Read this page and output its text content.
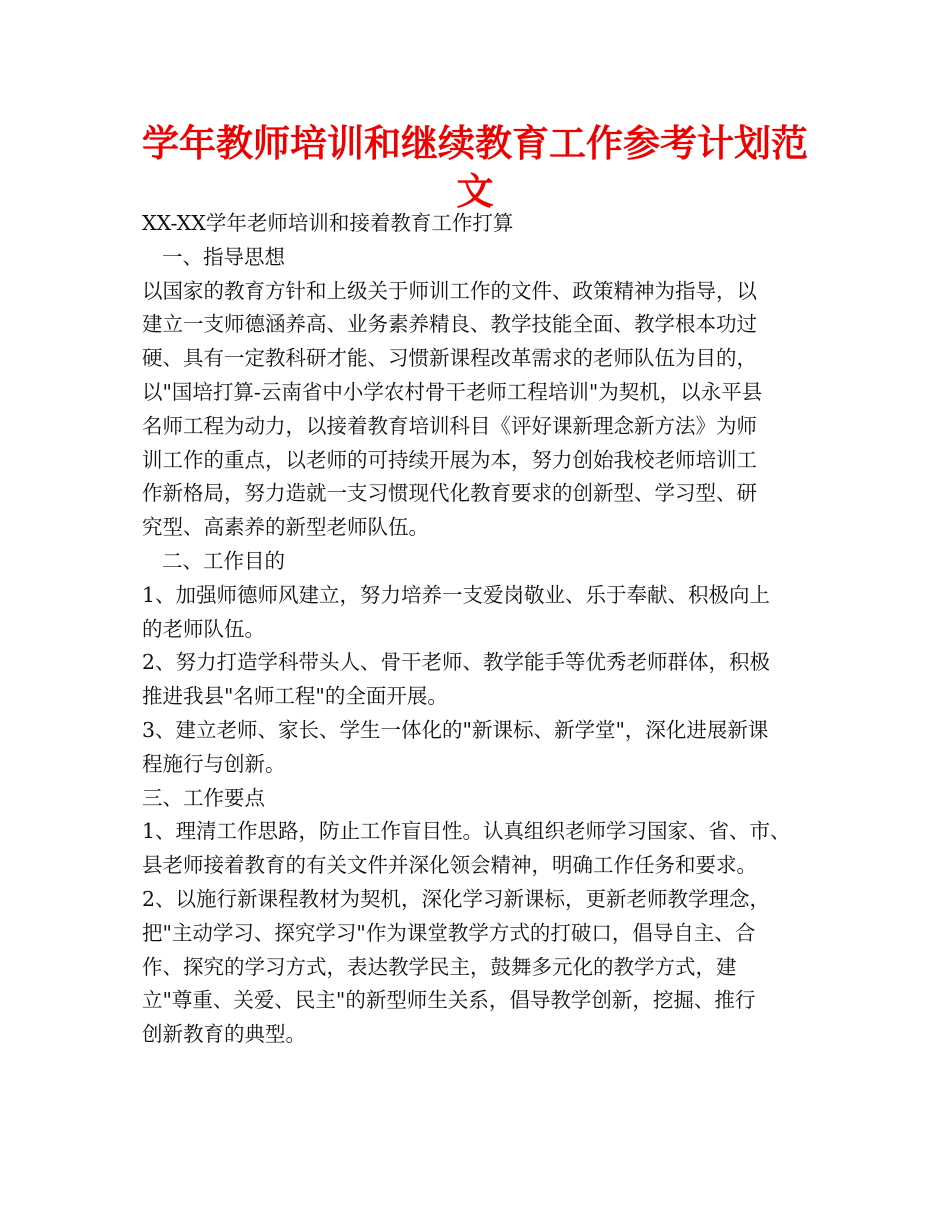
学年教师培训和继续教育工作参考计划范
文
XX-XX学年老师培训和接着教育工作打算
一、指导思想
以国家的教育方针和上级关于师训工作的文件、政策精神为指导，以
建立一支师德涵养高、业务素养精良、教学技能全面、教学根本功过
硬、具有一定教科研才能、习惯新课程改革需求的老师队伍为目的，
以"国培打算-云南省中小学农村骨干老师工程培训"为契机，以永平县
名师工程为动力，以接着教育培训科目《评好课新理念新方法》为师
训工作的重点，以老师的可持续开展为本，努力创始我校老师培训工
作新格局，努力造就一支习惯现代化教育要求的创新型、学习型、研
究型、高素养的新型老师队伍。
二、工作目的
1、加强师德师风建立，努力培养一支爱岗敬业、乐于奉献、积极向上
的老师队伍。
2、努力打造学科带头人、骨干老师、教学能手等优秀老师群体，积极
推进我县"名师工程"的全面开展。
3、建立老师、家长、学生一体化的"新课标、新学堂"，深化进展新课
程施行与创新。
三、工作要点
1、理清工作思路，防止工作盲目性。认真组织老师学习国家、省、市、
县老师接着教育的有关文件并深化领会精神，明确工作任务和要求。
2、以施行新课程教材为契机，深化学习新课标，更新老师教学理念，
把"主动学习、探究学习"作为课堂教学方式的打破口，倡导自主、合
作、探究的学习方式，表达教学民主，鼓舞多元化的教学方式，建
立"尊重、关爱、民主"的新型师生关系，倡导教学创新，挖掘、推行
创新教育的典型。
